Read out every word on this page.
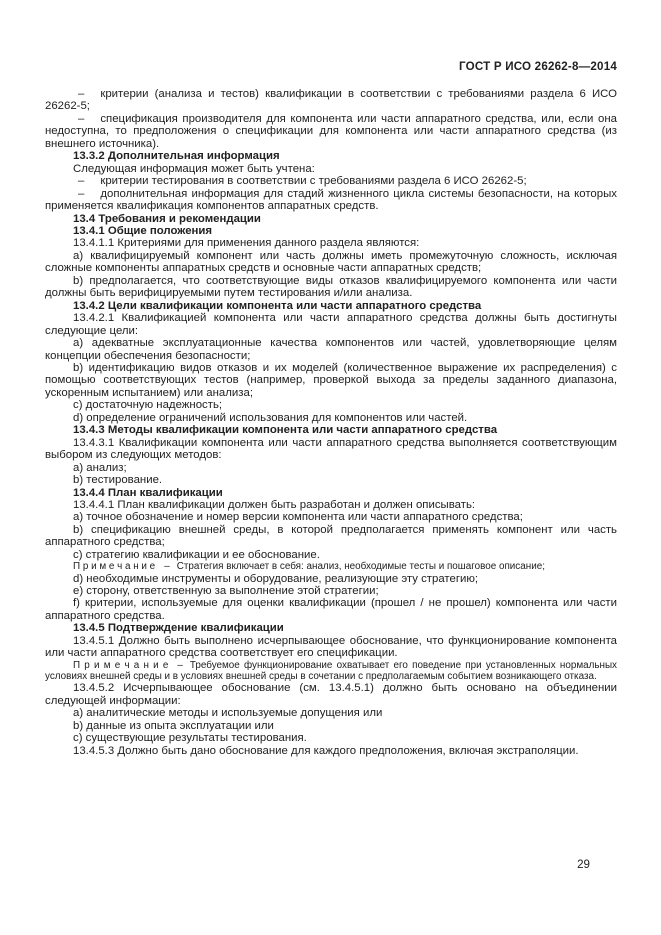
ГОСТ Р ИСО 26262-8—2014

– критерии (анализа и тестов) квалификации в соответствии с требованиями раздела 6 ИСО 26262-5;

– спецификация производителя для компонента или части аппаратного средства, или, если она недоступна, то предположения о спецификации для компонента или части аппаратного средства (из внешнего источника).

13.3.2 Дополнительная информация

Следующая информация может быть учтена:

– критерии тестирования в соответствии с требованиями раздела 6 ИСО 26262-5;

– дополнительная информация для стадий жизненного цикла системы безопасности, на которых применяется квалификация компонентов аппаратных средств.

13.4 Требования и рекомендации

13.4.1 Общие положения

13.4.1.1 Критериями для применения данного раздела являются:

a) квалифицируемый компонент или часть должны иметь промежуточную сложность, исключая сложные компоненты аппаратных средств и основные части аппаратных средств;

b) предполагается, что соответствующие виды отказов квалифицируемого компонента или части должны быть верифицируемыми путем тестирования и/или анализа.

13.4.2 Цели квалификации компонента или части аппаратного средства

13.4.2.1 Квалификацией компонента или части аппаратного средства должны быть достигнуты следующие цели:

a) адекватные эксплуатационные качества компонентов или частей, удовлетворяющие целям концепции обеспечения безопасности;

b) идентификацию видов отказов и их моделей (количественное выражение их распределения) с помощью соответствующих тестов (например, проверкой выхода за пределы заданного диапазона, ускоренным испытанием) или анализа;

c) достаточную надежность;

d) определение ограничений использования для компонентов или частей.

13.4.3 Методы квалификации компонента или части аппаратного средства

13.4.3.1 Квалификации компонента или части аппаратного средства выполняется соответствующим выбором из следующих методов:

a) анализ;

b) тестирование.

13.4.4 План квалификации

13.4.4.1 План квалификации должен быть разработан и должен описывать:

a) точное обозначение и номер версии компонента или части аппаратного средства;

b) спецификацию внешней среды, в которой предполагается применять компонент или часть аппаратного средства;

c) стратегию квалификации и ее обоснование.

П р и м е ч а н и е – Стратегия включает в себя: анализ, необходимые тесты и пошаговое описание;

d) необходимые инструменты и оборудование, реализующие эту стратегию;

e) сторону, ответственную за выполнение этой стратегии;

f) критерии, используемые для оценки квалификации (прошел / не прошел) компонента или части аппаратного средства.

13.4.5 Подтверждение квалификации

13.4.5.1 Должно быть выполнено исчерпывающее обоснование, что функционирование компонента или части аппаратного средства соответствует его спецификации.

П р и м е ч а н и е – Требуемое функционирование охватывает его поведение при установленных нормальных условиях внешней среды и в условиях внешней среды в сочетании с предполагаемым событием возникающего отказа.

13.4.5.2 Исчерпывающее обоснование (см. 13.4.5.1) должно быть основано на объединении следующей информации:

a) аналитические методы и используемые допущения или

b) данные из опыта эксплуатации или

c) существующие результаты тестирования.

13.4.5.3 Должно быть дано обоснование для каждого предположения, включая экстраполяции.

29
